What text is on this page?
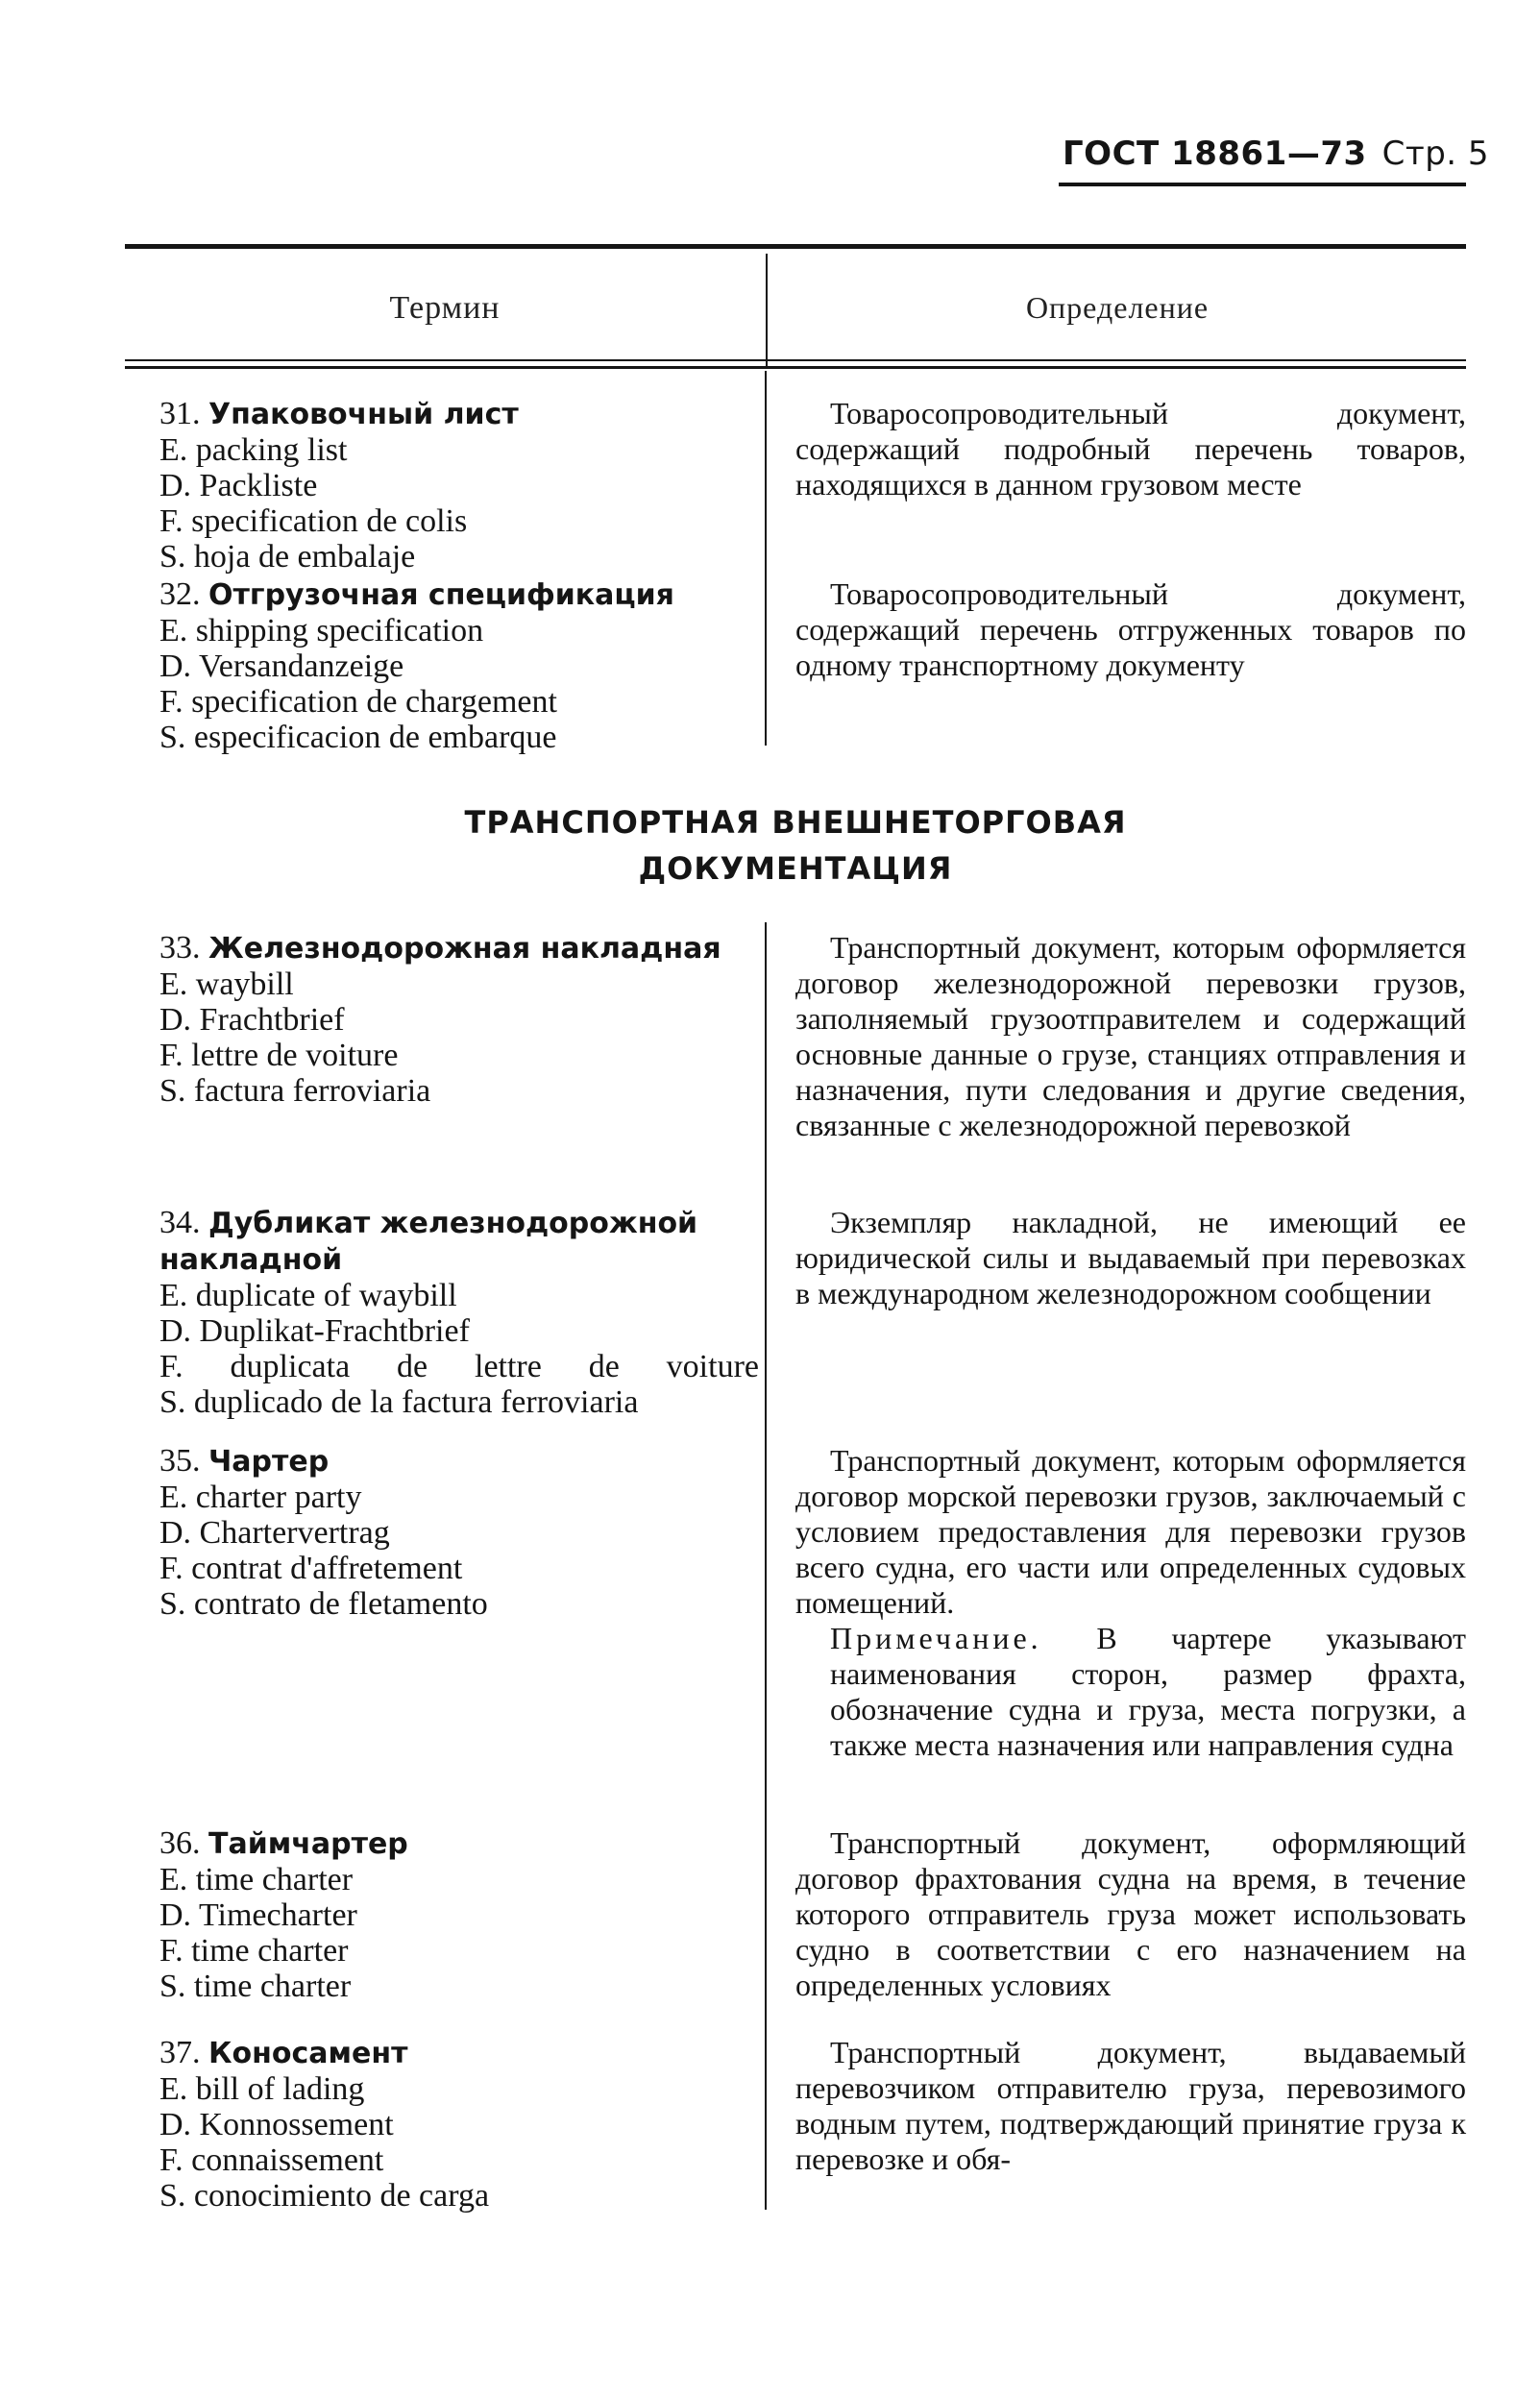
ГОСТ 18861—73 Стр. 5
Термин	Определение
31. Упаковочный лист
E. packing list
D. Packliste
F. specification de colis
S. hoja de embalaje

Товаросопроводительный документ, содержащий подробный перечень товаров, находящихся в данном грузовом месте

32. Отгрузочная спецификация
E. shipping specification
D. Versandanzeige
F. specification de chargement
S. especificacion de embarque

Товаросопроводительный документ, содержащий перечень отгруженных товаров по одному транспортному документу

ТРАНСПОРТНАЯ ВНЕШНЕТОРГОВАЯ
ДОКУМЕНТАЦИЯ
33. Железнодорожная накладная
E. waybill
D. Frachtbrief
F. lettre de voiture
S. factura ferroviaria

Транспортный документ, которым оформляется договор железнодорожной перевозки грузов, заполняемый грузоотправителем и содержащий основные данные о грузе, станциях отправления и назначения, пути следования и другие сведения, связанные с железнодорожной перевозкой

34. Дубликат железнодорожной накладной
E. duplicate of waybill
D. Duplikat-Frachtbrief
F. duplicata de lettre de voiture
S. duplicado de la factura ferroviaria

Экземпляр накладной, не имеющий ее юридической силы и выдаваемый при перевозках в международном железнодорожном сообщении

35. Чартер
E. charter party
D. Chartervertrag
F. contrat d'affretement
S. contrato de fletamento

Транспортный документ, которым оформляется договор морской перевозки грузов, заключаемый с условием предоставления для перевозки грузов всего судна, его части или определенных судовых помещений.

Примечание. В чартере указывают наименования сторон, размер фрахта, обозначение судна и груза, места погрузки, а также места назначения или направления судна
36. Таймчартер
E. time charter
D. Timecharter
F. time charter
S. time charter

Транспортный документ, оформляющий договор фрахтования судна на время, в течение которого отправитель груза может использовать судно в соответствии с его назначением на определенных условиях

37. Коносамент
E. bill of lading
D. Konnossement
F. connaissement
S. conocimiento de carga

Транспортный документ, выдаваемый перевозчиком отправителю груза, перевозимого водным путем, подтверждающий принятие груза к перевозке и обя-
